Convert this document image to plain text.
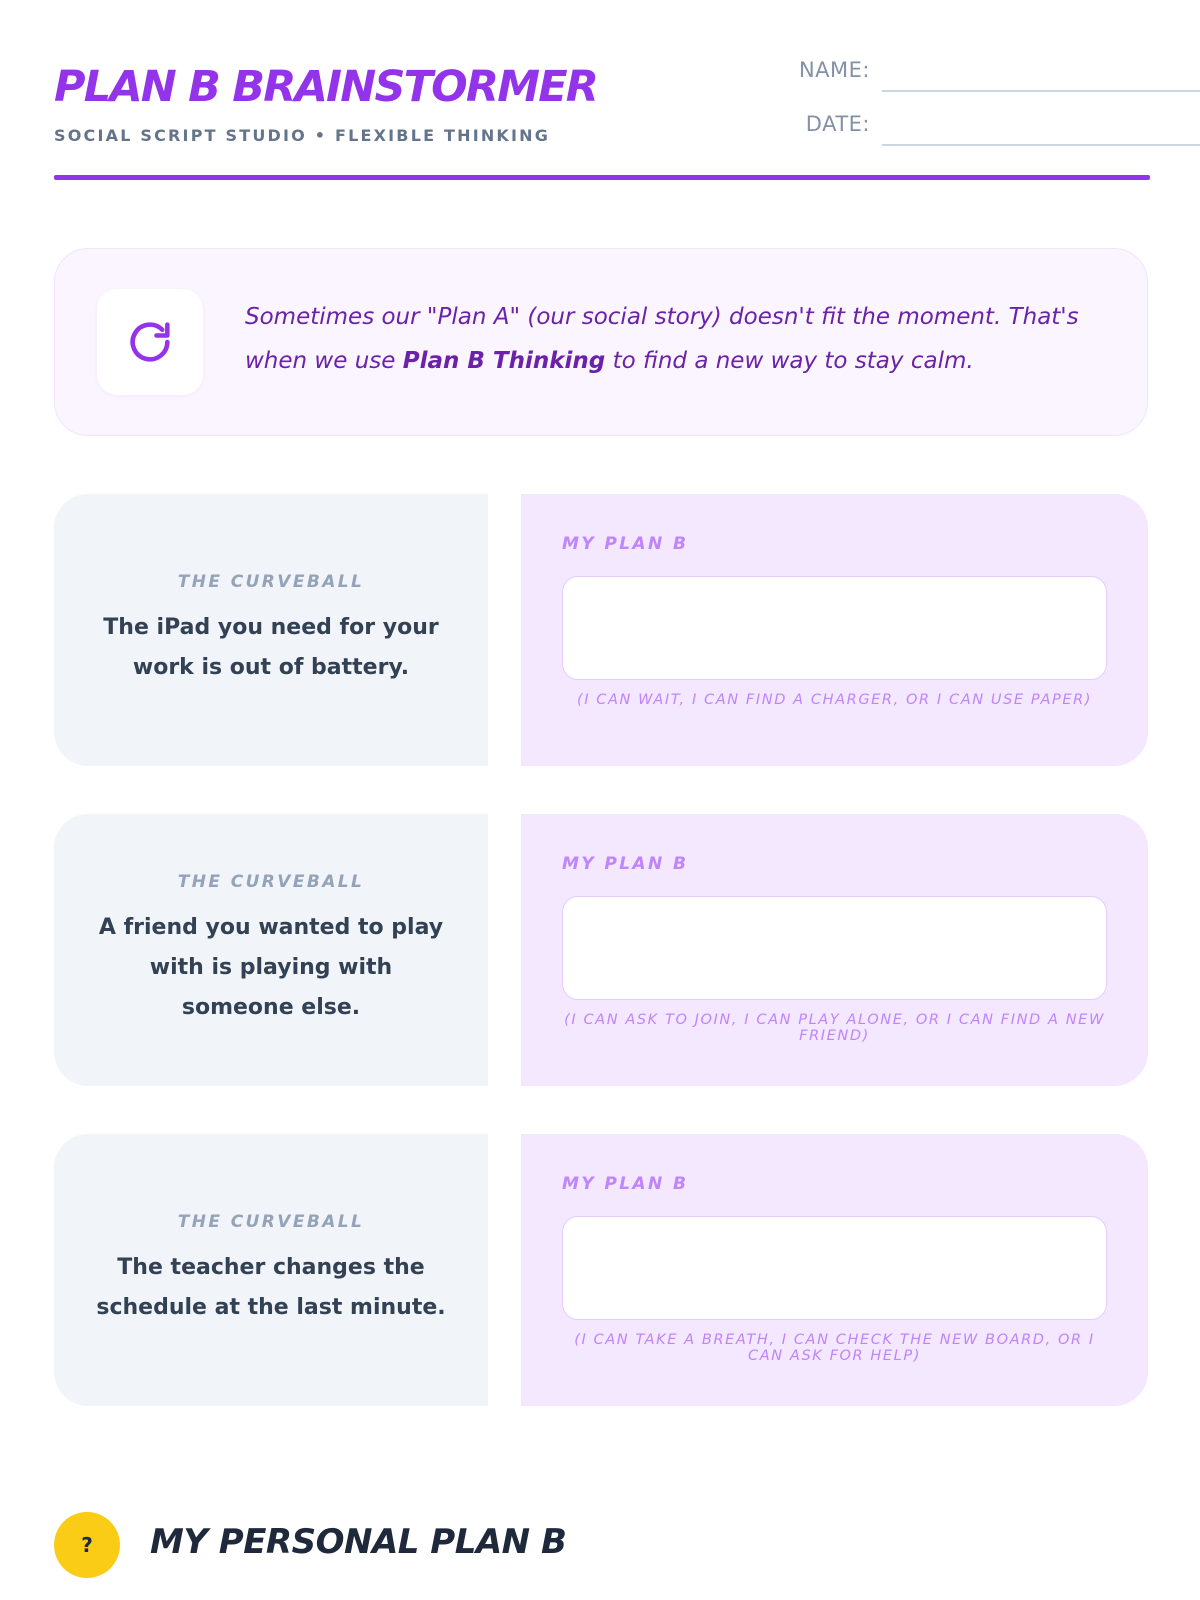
PLAN B BRAINSTORMER
SOCIAL SCRIPT STUDIO • FLEXIBLE THINKING
NAME:
DATE:
Sometimes our "Plan A" (our social story) doesn't fit the moment. That's when we use Plan B Thinking to find a new way to stay calm.
THE CURVEBALL
The iPad you need for your work is out of battery.
MY PLAN B
(I CAN WAIT, I CAN FIND A CHARGER, OR I CAN USE PAPER)
THE CURVEBALL
A friend you wanted to play with is playing with someone else.
MY PLAN B
(I CAN ASK TO JOIN, I CAN PLAY ALONE, OR I CAN FIND A NEW FRIEND)
THE CURVEBALL
The teacher changes the schedule at the last minute.
MY PLAN B
(I CAN TAKE A BREATH, I CAN CHECK THE NEW BOARD, OR I CAN ASK FOR HELP)
?	MY PERSONAL PLAN B
